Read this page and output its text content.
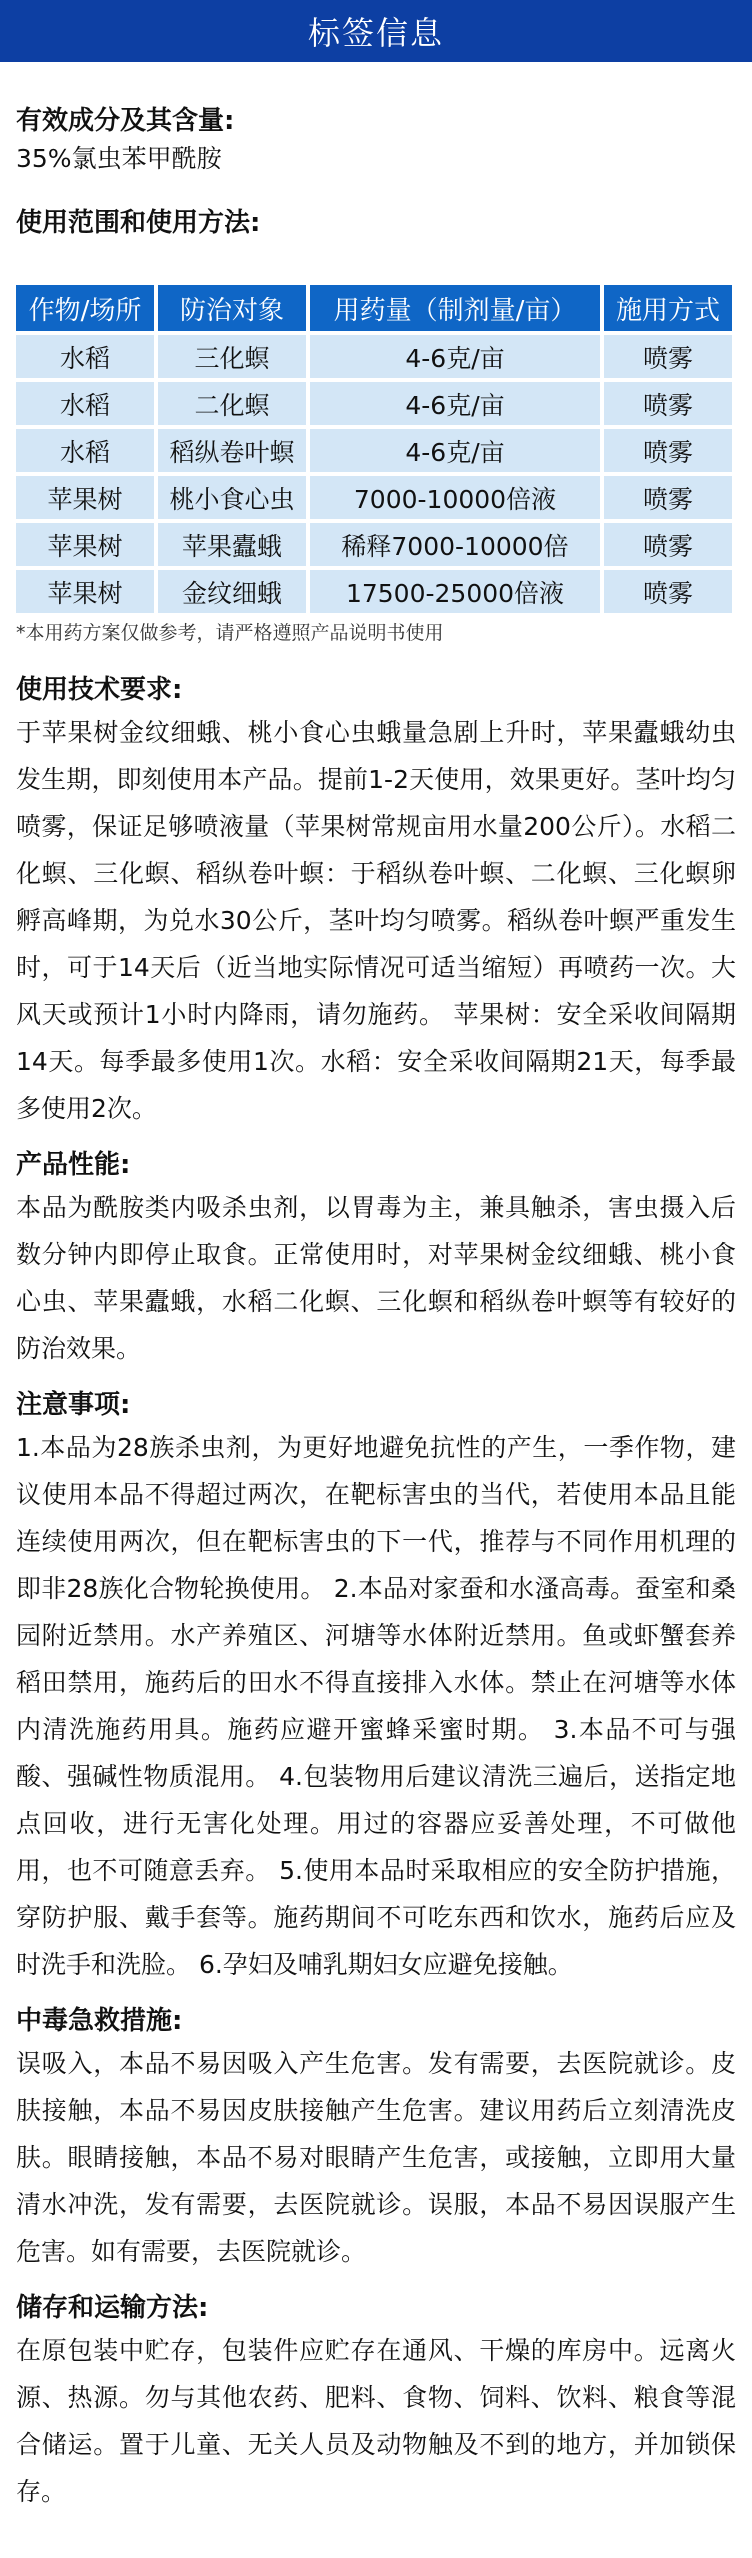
标签信息
有效成分及其含量:
35%氯虫苯甲酰胺
使用范围和使用方法:
作物/场所	防治对象	用药量（制剂量/亩）	施用方式
水稻	三化螟	4-6克/亩	喷雾
水稻	二化螟	4-6克/亩	喷雾
水稻	稻纵卷叶螟	4-6克/亩	喷雾
苹果树	桃小食心虫	7000-10000倍液	喷雾
苹果树	苹果蠹蛾	稀释7000-10000倍	喷雾
苹果树	金纹细蛾	17500-25000倍液	喷雾
*本用药方案仅做参考，请严格遵照产品说明书使用
使用技术要求:
于苹果树金纹细蛾、桃小食心虫蛾量急剧上升时，苹果蠹蛾幼虫发生期，即刻使用本产品。提前1-2天使用，效果更好。茎叶均匀喷雾，保证足够喷液量（苹果树常规亩用水量200公斤）。水稻二化螟、三化螟、稻纵卷叶螟：于稻纵卷叶螟、二化螟、三化螟卵孵高峰期，为兑水30公斤，茎叶均匀喷雾。稻纵卷叶螟严重发生时，可于14天后（近当地实际情况可适当缩短）再喷药一次。大风天或预计1小时内降雨，请勿施药。 苹果树：安全采收间隔期14天。每季最多使用1次。水稻：安全采收间隔期21天，每季最多使用2次。
产品性能:
本品为酰胺类内吸杀虫剂，以胃毒为主，兼具触杀，害虫摄入后数分钟内即停止取食。正常使用时，对苹果树金纹细蛾、桃小食心虫、苹果蠹蛾，水稻二化螟、三化螟和稻纵卷叶螟等有较好的防治效果。
注意事项:
1.本品为28族杀虫剂，为更好地避免抗性的产生，一季作物，建议使用本品不得超过两次，在靶标害虫的当代，若使用本品且能连续使用两次，但在靶标害虫的下一代，推荐与不同作用机理的即非28族化合物轮换使用。 2.本品对家蚕和水溞高毒。蚕室和桑园附近禁用。水产养殖区、河塘等水体附近禁用。鱼或虾蟹套养稻田禁用，施药后的田水不得直接排入水体。禁止在河塘等水体内清洗施药用具。施药应避开蜜蜂采蜜时期。 3.本品不可与强酸、强碱性物质混用。 4.包装物用后建议清洗三遍后，送指定地点回收，进行无害化处理。用过的容器应妥善处理，不可做他用，也不可随意丢弃。 5.使用本品时采取相应的安全防护措施，穿防护服、戴手套等。施药期间不可吃东西和饮水，施药后应及时洗手和洗脸。 6.孕妇及哺乳期妇女应避免接触。
中毒急救措施:
误吸入，本品不易因吸入产生危害。发有需要，去医院就诊。皮肤接触，本品不易因皮肤接触产生危害。建议用药后立刻清洗皮肤。眼睛接触，本品不易对眼睛产生危害，或接触，立即用大量清水冲洗，发有需要，去医院就诊。误服，本品不易因误服产生危害。如有需要，去医院就诊。
储存和运输方法:
在原包装中贮存，包装件应贮存在通风、干燥的库房中。远离火源、热源。勿与其他农药、肥料、食物、饲料、饮料、粮食等混合储运。置于儿童、无关人员及动物触及不到的地方，并加锁保存。
